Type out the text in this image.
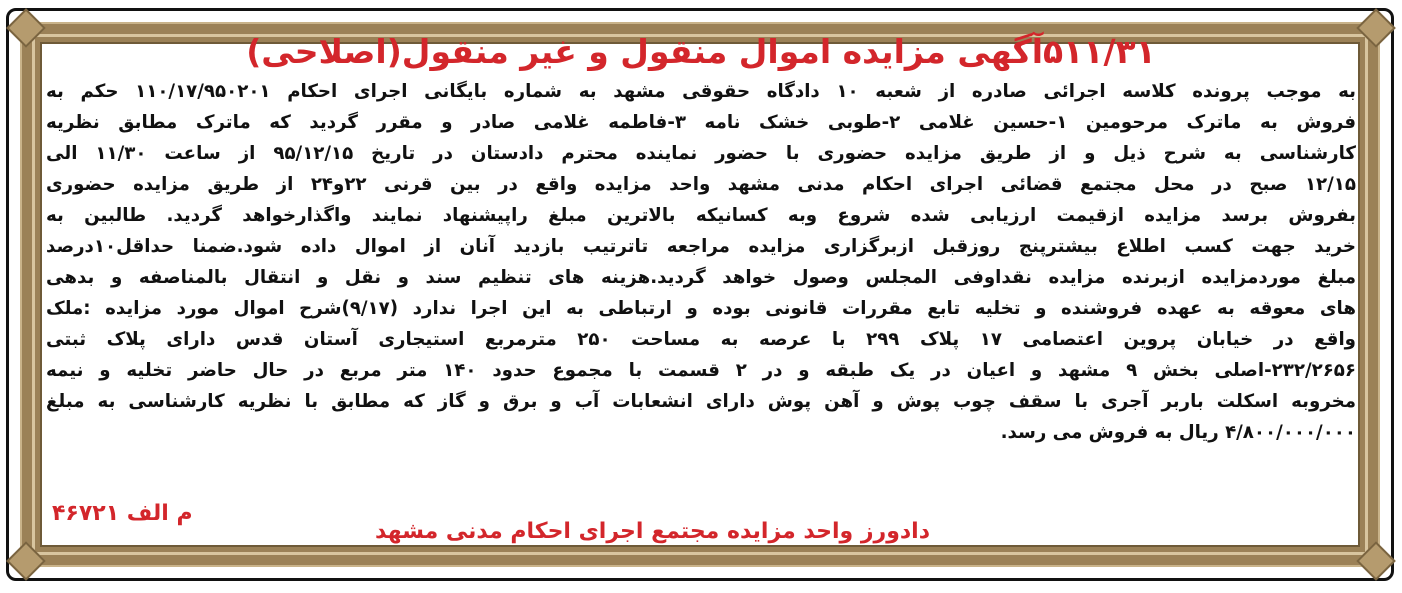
۵۱۱/۳۱آگهی مزایده اموال منقول و غیر منقول(اصلاحی)
به موجب پرونده کلاسه اجرائی صادره از شعبه ۱۰ دادگاه حقوقی مشهد به شماره بایگانی اجرای احکام ۱۱۰/۱۷/۹۵۰۲۰۱ حکم به
فروش به ماترک مرحومین ۱-حسین غلامی ۲-طوبی خشک نامه ۳-فاطمه غلامی صادر و مقرر گردید که ماترک مطابق نظریه
کارشناسی به شرح ذیل و از طریق مزایده حضوری با حضور نماینده محترم دادستان در تاریخ ۹۵/۱۲/۱۵ از ساعت ۱۱/۳۰ الی
۱۲/۱۵ صبح در محل مجتمع قضائی اجرای احکام مدنی مشهد واحد مزایده واقع در بین قرنی ۲۲و۲۴ از طریق مزایده حضوری
بفروش برسد مزایده ازقیمت ارزیابی شده شروع وبه کسانیکه بالاترین مبلغ راپیشنهاد نمایند واگذارخواهد گردید. طالبین به
خرید جهت کسب اطلاع بیشترپنج روزقبل ازبرگزاری مزایده مراجعه تاترتیب بازدید آنان از اموال داده شود.ضمنا حداقل۱۰درصد
مبلغ موردمزایده ازبرنده مزایده نقداوفی المجلس وصول خواهد گردید.هزینه های تنظیم سند و نقل و انتقال بالمناصفه و بدهی
های معوقه به عهده فروشنده و تخلیه تابع مقررات قانونی بوده و ارتباطی به این اجرا ندارد (۹/۱۷)شرح اموال مورد مزایده :ملک
واقع در خیابان پروین اعتصامی ۱۷ پلاک ۲۹۹ با عرصه به مساحت ۲۵۰ مترمربع استیجاری آستان قدس دارای پلاک ثبتی
۲۳۲/۲۶۵۶-اصلی بخش ۹ مشهد و اعیان در یک طبقه و در ۲ قسمت با مجموع حدود ۱۴۰ متر مربع در حال حاضر تخلیه و نیمه
مخروبه اسکلت باربر آجری با سقف چوب پوش و آهن پوش دارای انشعابات آب و برق و گاز که مطابق با نظریه کارشناسی به مبلغ
۴/۸۰۰/۰۰۰/۰۰۰ ریال به فروش می رسد.
دادورز واحد مزایده مجتمع اجرای احکام مدنی مشهد
م الف ۴۶۷۲۱
